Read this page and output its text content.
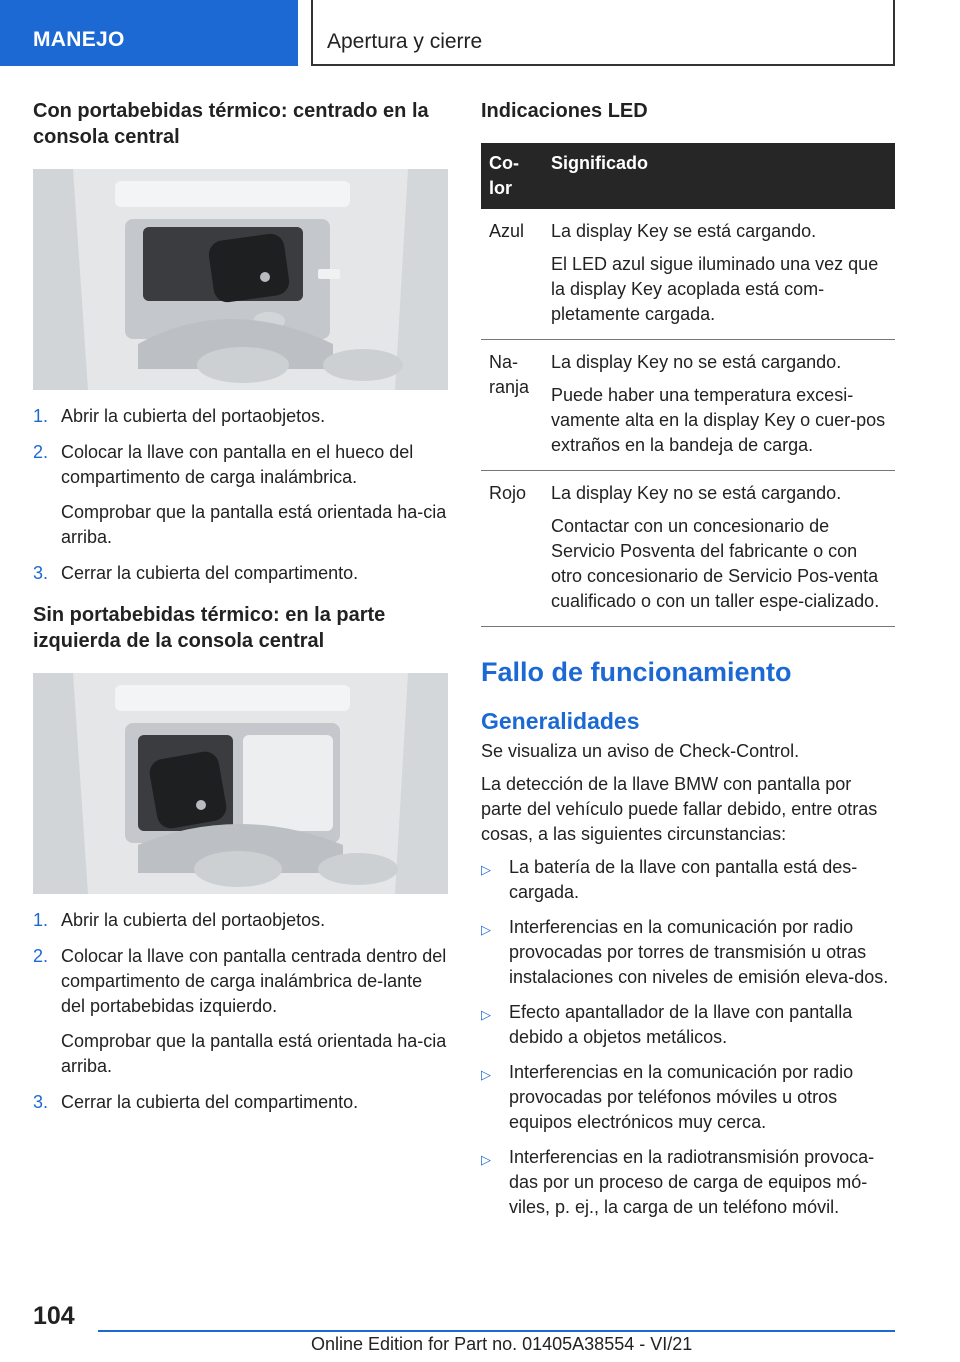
MANEJO	Apertura y cierre
Con portabebidas térmico: centrado en la consola central
1. Abrir la cubierta del portaobjetos.

2. Colocar la llave con pantalla en el hueco del compartimento de carga inalámbrica.

Comprobar que la pantalla está orientada ha-cia arriba.

3. Cerrar la cubierta del compartimento.

Sin portabebidas térmico: en la parte izquierda de la consola central
1. Abrir la cubierta del portaobjetos.

2. Colocar la llave con pantalla centrada dentro del compartimento de carga inalámbrica de-lante del portabebidas izquierdo.

Comprobar que la pantalla está orientada ha-cia arriba.

3. Cerrar la cubierta del compartimento.

Indicaciones LED
Co-lor	Significado
Azul	La display Key se está cargando.

El LED azul sigue iluminado una vez que la display Key acoplada está com-pletamente cargada.

Na-ranja	La display Key no se está cargando.

Puede haber una temperatura excesi-vamente alta en la display Key o cuer-pos extraños en la bandeja de carga.

Rojo	La display Key no se está cargando.

Contactar con un concesionario de Servicio Posventa del fabricante o con otro concesionario de Servicio Pos-venta cualificado o con un taller espe-cializado.

Fallo de funcionamiento
Generalidades

Se visualiza un aviso de Check-Control.

La detección de la llave BMW con pantalla por parte del vehículo puede fallar debido, entre otras cosas, a las siguientes circunstancias:

▷	La batería de la llave con pantalla está des-cargada.
▷	Interferencias en la comunicación por radio provocadas por torres de transmisión u otras instalaciones con niveles de emisión eleva-dos.
▷	Efecto apantallador de la llave con pantalla debido a objetos metálicos.
▷	Interferencias en la comunicación por radio provocadas por teléfonos móviles u otros equipos electrónicos muy cerca.
▷	Interferencias en la radiotransmisión provoca-das por un proceso de carga de equipos mó-viles, p. ej., la carga de un teléfono móvil.
104
Online Edition for Part no. 01405A38554 - VI/21
